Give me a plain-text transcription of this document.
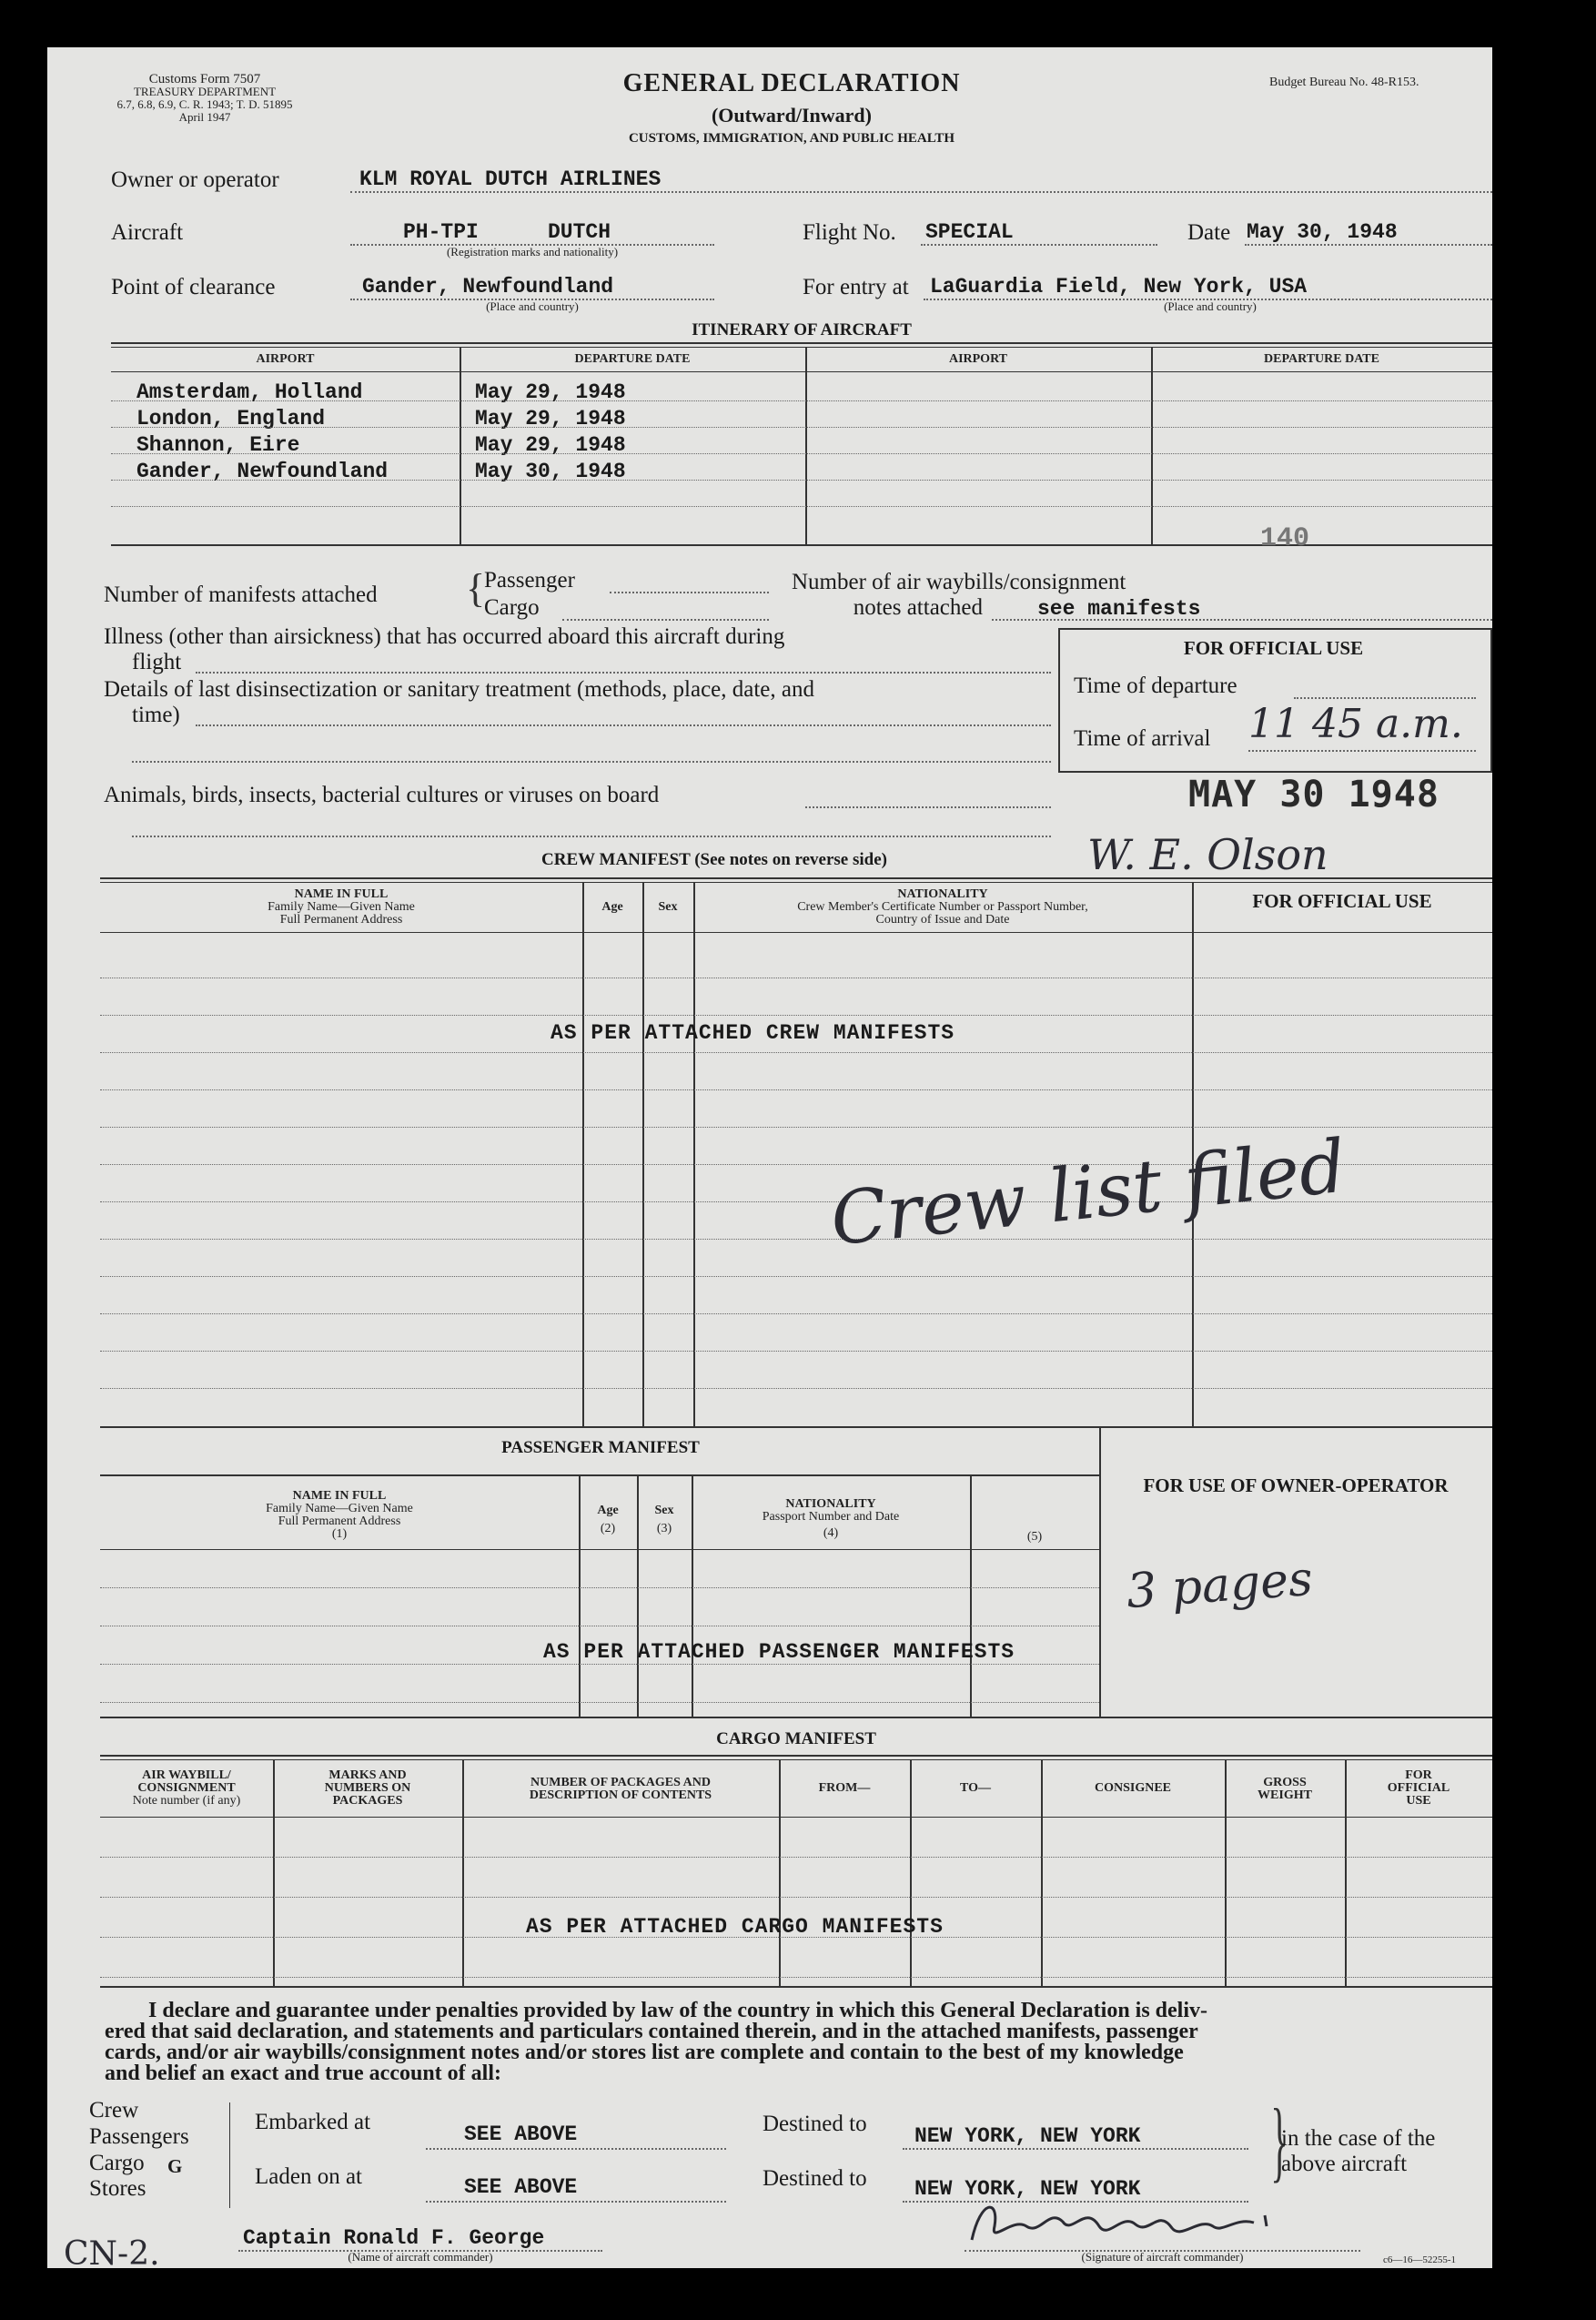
Customs Form 7507
TREASURY DEPARTMENT
6.7, 6.8, 6.9, C. R. 1943; T. D. 51895
April 1947
Budget Bureau No. 48-R153.
GENERAL DECLARATION
(Outward/Inward)
CUSTOMS, IMMIGRATION, AND PUBLIC HEALTH
Owner or operator	KLM ROYAL DUTCH AIRLINES
Aircraft	PH-TPI	DUTCH
(Registration marks and nationality)
Flight No. SPECIAL	Date May 30, 1948
Point of clearance	Gander, Newfoundland
(Place and country)
For entry at LaGuardia Field, New York, USA
(Place and country)
ITINERARY OF AIRCRAFT
AIRPORT	DEPARTURE DATE	AIRPORT	DEPARTURE DATE
Amsterdam, Holland	May 29, 1948
London, England	May 29, 1948
Shannon, Eire	May 29, 1948
Gander, Newfoundland	May 30, 1948
140
Number of manifests attached {
Passenger
Cargo
Number of air waybills/consignment
notes attached	see manifests
Illness (other than airsickness) that has occurred aboard this aircraft during
flight
Details of last disinsectization or sanitary treatment (methods, place, date, and
time)
Animals, birds, insects, bacterial cultures or viruses on board
FOR OFFICIAL USE
Time of departure
Time of arrival 11 45 a.m.
MAY 30 1948
CREW MANIFEST (See notes on reverse side)	W. E. Olson
NAME IN FULL
Family Name—Given Name
Full Permanent Address
Age	Sex
NATIONALITY
Crew Member's Certificate Number or Passport Number,
Country of Issue and Date
FOR OFFICIAL USE
AS PER ATTACHED CREW MANIFESTS
Crew list filed
PASSENGER MANIFEST
NAME IN FULL
Family Name—Given Name
Full Permanent Address
(1)
Age
(2)
Sex
(3)
NATIONALITY
Passport Number and Date
(4)	(5)
FOR USE OF OWNER-OPERATOR
3 pages
AS PER ATTACHED PASSENGER MANIFESTS
CARGO MANIFEST
AIR WAYBILL/
CONSIGNMENT
Note number (if any)
MARKS AND
NUMBERS ON
PACKAGES
NUMBER OF PACKAGES AND
DESCRIPTION OF CONTENTS
FROM—	TO—	CONSIGNEE	GROSS
WEIGHT
FOR
OFFICIAL
USE
AS PER ATTACHED CARGO MANIFESTS
I declare and guarantee under penalties provided by law of the country in which this General Declaration is deliv-
ered that said declaration, and statements and particulars contained therein, and in the attached manifests, passenger
cards, and/or air waybills/consignment notes and/or stores list are complete and contain to the best of my knowledge
and belief an exact and true account of all:
Crew
Passengers
Cargo
Stores
G
Embarked at	SEE ABOVE
Laden on at	SEE ABOVE
Destined to NEW YORK, NEW YORK
Destined to NEW YORK, NEW YORK }
in the case of the
above aircraft
CN-2.	Captain Ronald F. George
(Name of aircraft commander)	(Signature of aircraft commander)	c6—16—52255-1
